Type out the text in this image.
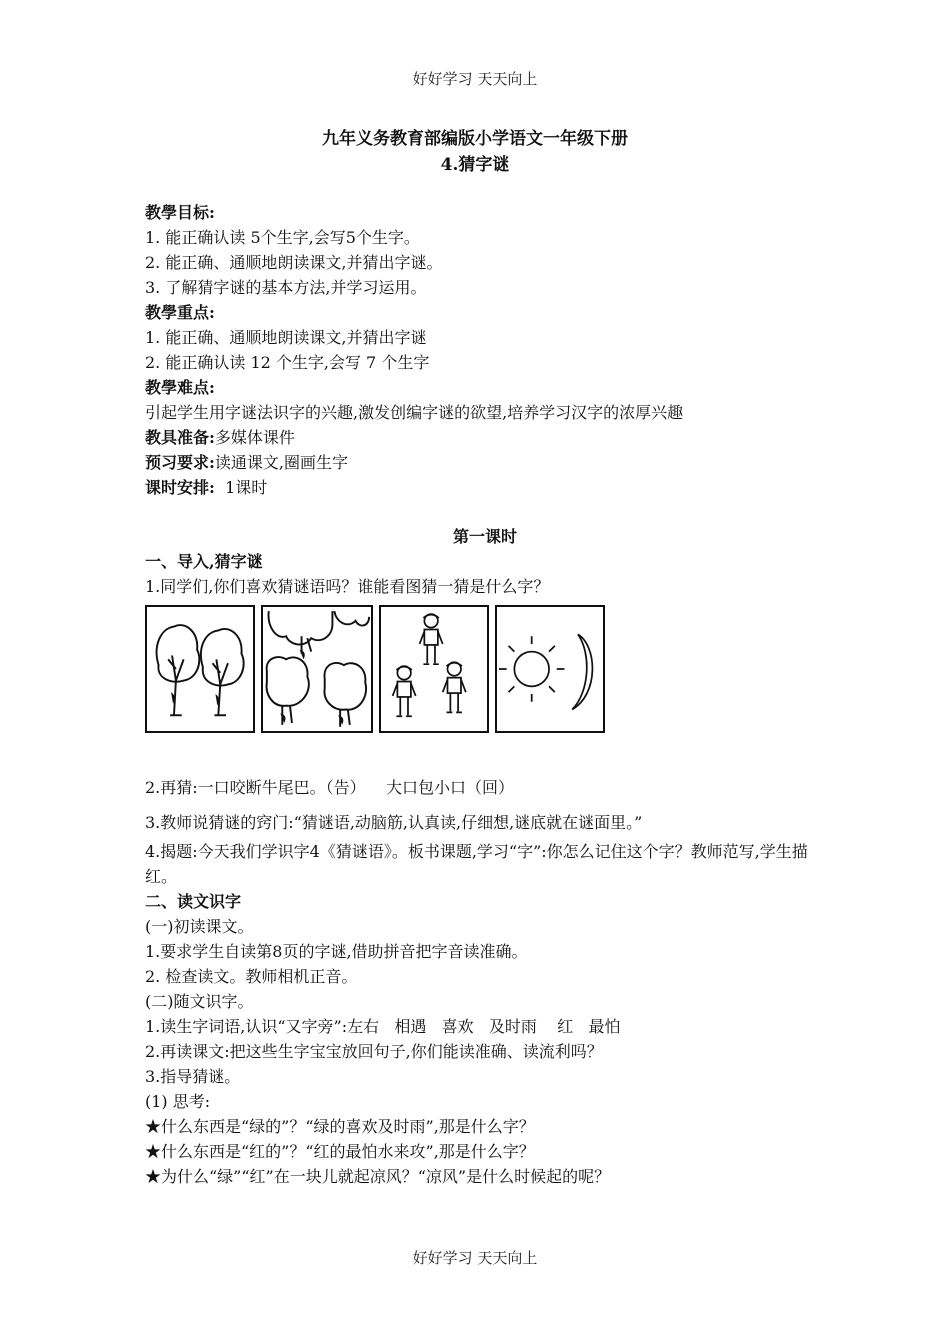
好好学习 天天向上
九年义务教育部编版小学语文一年级下册
4.猜字谜
教學目标:
1. 能正确认读 5个生字,会写5个生字。
2. 能正确、通顺地朗读课文,并猜出字谜。
3. 了解猜字谜的基本方法,并学习运用。
教學重点:
1. 能正确、通顺地朗读课文,并猜出字谜
2. 能正确认读 12 个生字,会写 7 个生字
教學难点:
引起学生用字谜法识字的兴趣,激发创编字谜的欲望,培养学习汉字的浓厚兴趣
教具准备:多媒体课件
预习要求:读通课文,圈画生字
课时安排:  1课时
第一课时
一、导入,猜字谜
1.同学们,你们喜欢猜谜语吗？谁能看图猜一猜是什么字？
2.再猜:一口咬断牛尾巴。（告）    大口包小口（回）
3.教师说猜谜的窍门:“猜谜语,动脑筋,认真读,仔细想,谜底就在谜面里。”
4.揭题:今天我们学识字4《猜谜语》。板书课题,学习“字”:你怎么记住这个字？教师范写,学生描红。
二、读文识字
(一)初读课文。
1.要求学生自读第8页的字谜,借助拼音把字音读准确。
2. 检查读文。教师相机正音。
(二)随文识字。
1.读生字词语,认识“又字旁”:左右   相遇   喜欢   及时雨    红   最怕
2.再读课文:把这些生字宝宝放回句子,你们能读准确、读流利吗？
3.指导猜谜。
(1) 思考:
★什么东西是“绿的”？“绿的喜欢及时雨”,那是什么字？
★什么东西是“红的”？“红的最怕水来攻”,那是什么字？
★为什么“绿”“红”在一块儿就起凉风？“凉风”是什么时候起的呢？
好好学习 天天向上
